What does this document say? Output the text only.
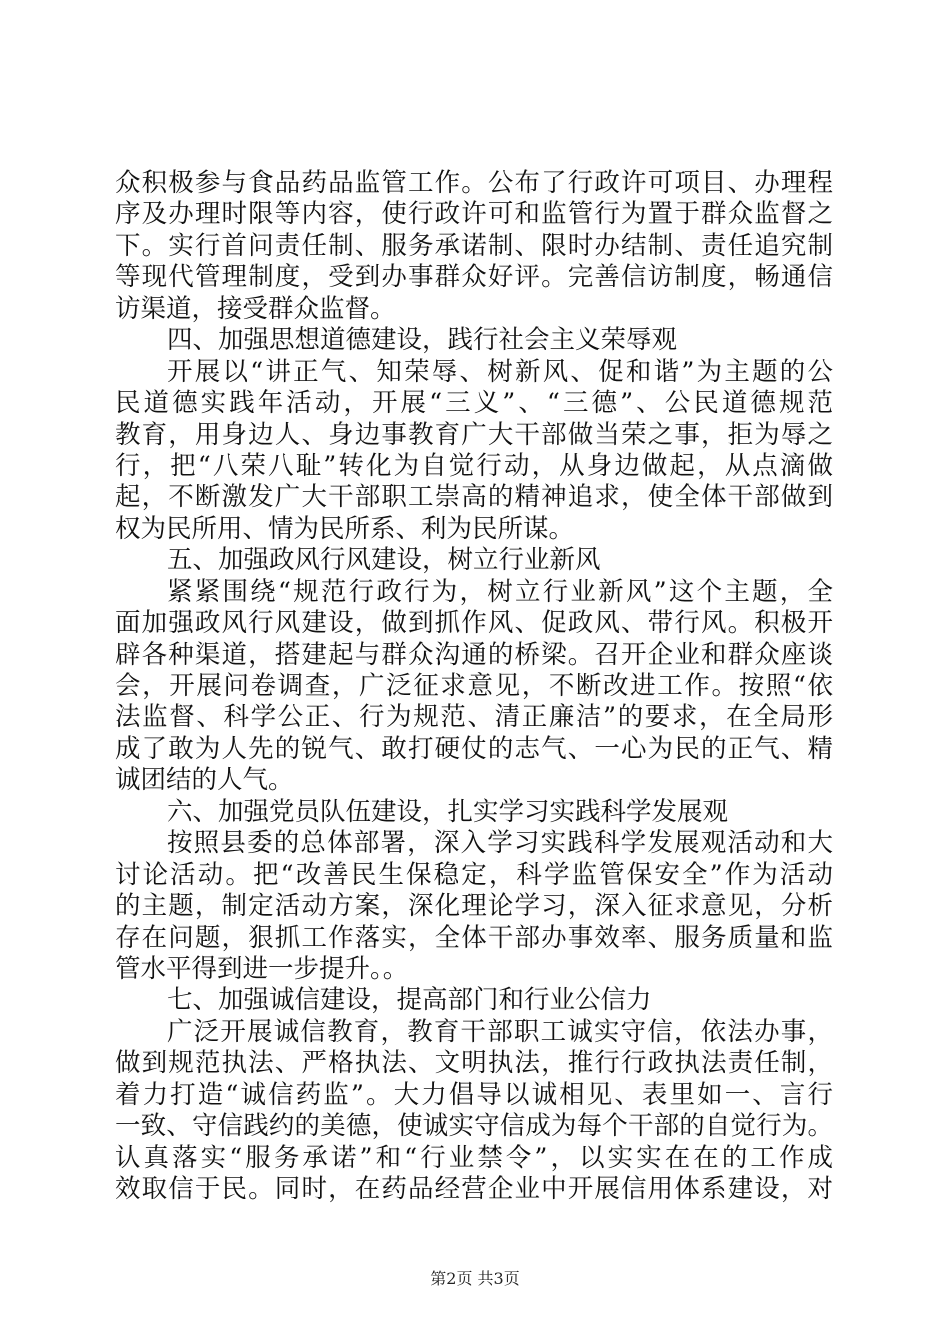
众积极参与食品药品监管工作。公布了行政许可项目、办理程
序及办理时限等内容，使行政许可和监管行为置于群众监督之
下。实行首问责任制、服务承诺制、限时办结制、责任追究制
等现代管理制度，受到办事群众好评。完善信访制度，畅通信
访渠道，接受群众监督。
四、加强思想道德建设，践行社会主义荣辱观
开展以“讲正气、知荣辱、树新风、促和谐”为主题的公
民道德实践年活动，开展“三义”、“三德”、公民道德规范
教育，用身边人、身边事教育广大干部做当荣之事，拒为辱之
行，把“八荣八耻”转化为自觉行动，从身边做起，从点滴做
起，不断激发广大干部职工崇高的精神追求，使全体干部做到
权为民所用、情为民所系、利为民所谋。
五、加强政风行风建设，树立行业新风
紧紧围绕“规范行政行为，树立行业新风”这个主题，全
面加强政风行风建设，做到抓作风、促政风、带行风。积极开
辟各种渠道，搭建起与群众沟通的桥梁。召开企业和群众座谈
会，开展问卷调查，广泛征求意见，不断改进工作。按照“依
法监督、科学公正、行为规范、清正廉洁”的要求，在全局形
成了敢为人先的锐气、敢打硬仗的志气、一心为民的正气、精
诚团结的人气。
六、加强党员队伍建设，扎实学习实践科学发展观
按照县委的总体部署，深入学习实践科学发展观活动和大
讨论活动。把“改善民生保稳定，科学监管保安全”作为活动
的主题，制定活动方案，深化理论学习，深入征求意见，分析
存在问题，狠抓工作落实，全体干部办事效率、服务质量和监
管水平得到进一步提升。。
七、加强诚信建设，提高部门和行业公信力
广泛开展诚信教育，教育干部职工诚实守信，依法办事，
做到规范执法、严格执法、文明执法，推行行政执法责任制，
着力打造“诚信药监”。大力倡导以诚相见、表里如一、言行
一致、守信践约的美德，使诚实守信成为每个干部的自觉行为。
认真落实“服务承诺”和“行业禁令”，以实实在在的工作成
效取信于民。同时，在药品经营企业中开展信用体系建设，对
第2页 共3页
